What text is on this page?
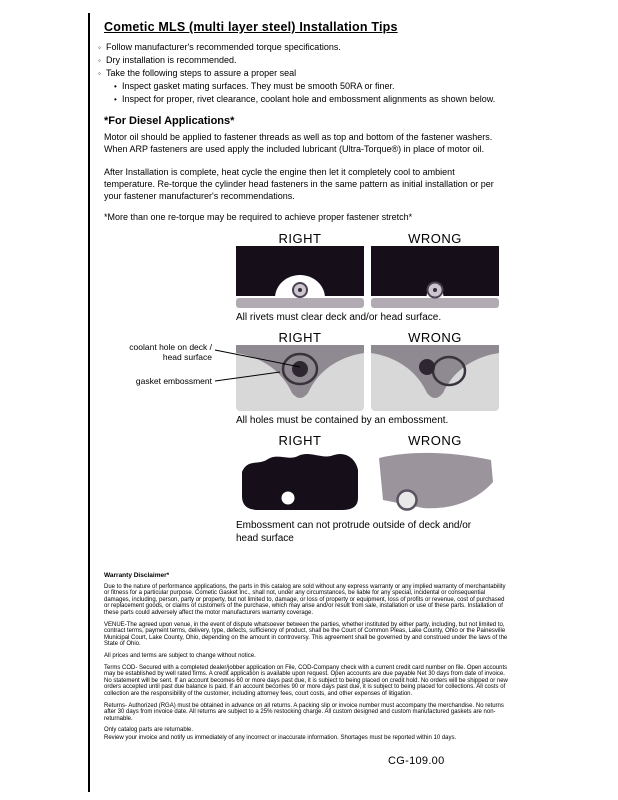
Cometic MLS (multi layer steel) Installation Tips
◦ Follow manufacturer's recommended torque specifications.
◦ Dry installation is recommended.
◦ Take the following steps to assure a proper seal
• Inspect gasket mating surfaces. They must be smooth 50RA or finer.
• Inspect for proper, rivet clearance, coolant hole and embossment alignments as shown below.
*For Diesel Applications*
Motor oil should be applied to fastener threads as well as top and bottom of the fastener washers. When ARP fasteners are used apply the included lubricant (Ultra-Torque®) in place of motor oil.
After Installation is complete, heat cycle the engine then let it completely cool to ambient temperature. Re-torque the cylinder head fasteners in the same pattern as initial installation or per your fastener manufacturer's recommendations.
*More than one re-torque may be required to achieve proper fastener stretch*
RIGHT	WRONG
All rivets must clear deck and/or head surface.
RIGHT	WRONG
All holes must be contained by an embossment.
RIGHT	WRONG
Embossment can not protrude outside of deck and/or head surface
coolant hole on deck / head surface
gasket embossment
Warranty Disclaimer*

Due to the nature of performance applications, the parts in this catalog are sold without any express warranty or any implied warranty of merchantability or fitness for a particular purpose. Cometic Gasket Inc., shall not, under any circumstances, be liable for any special, incidental or consequential damages, including, person, party or property, but not limited to, damage, or loss of property or equipment, loss of profits or revenue, cost of purchased or replacement goods, or claims of customers of the purchase, which may arise and/or result from sale, installation or use of these parts. Installation of these parts could adversely affect the motor manufacturers warranty coverage.

VENUE-The agreed upon venue, in the event of dispute whatsoever between the parties, whether instituted by either party, including, but not limited to, contract terms, payment terms, delivery, type, defects, sufficiency of product, shall be the Court of Common Pleas, Lake County, Ohio or the Painesville Municipal Court, Lake County, Ohio, depending on the amount in controversy. This agreement shall be governed by and construed under the laws of the State of Ohio.

All prices and terms are subject to change without notice.

Terms COD- Secured with a completed dealer/jobber application on File, COD-Company check with a current credit card number on file. Open accounts may be established by well rated firms. A credit application is available upon request. Open accounts are due payable Net 30 days from date of invoice. No statement will be sent. If an account becomes 60 or more days past due, it is subject to being placed on credit hold. No orders will be shipped or new orders accepted until past due balance is paid. If an account becomes 90 or more days past due, it is subject to being placed for collections. All costs of collection are the responsibility of the customer, including attorney fees, court costs, and other expenses of litigation.

Returns- Authorized (RGA) must be obtained in advance on all returns. A packing slip or invoice number must accompany the merchandise. No returns after 30 days from invoice date. All returns are subject to a 25% restocking charge. All custom designed and custom manufactured gaskets are non-returnable.

Only catalog parts are returnable.

Review your invoice and notify us immediately of any incorrect or inaccurate information. Shortages must be reported within 10 days.

CG-109.00
